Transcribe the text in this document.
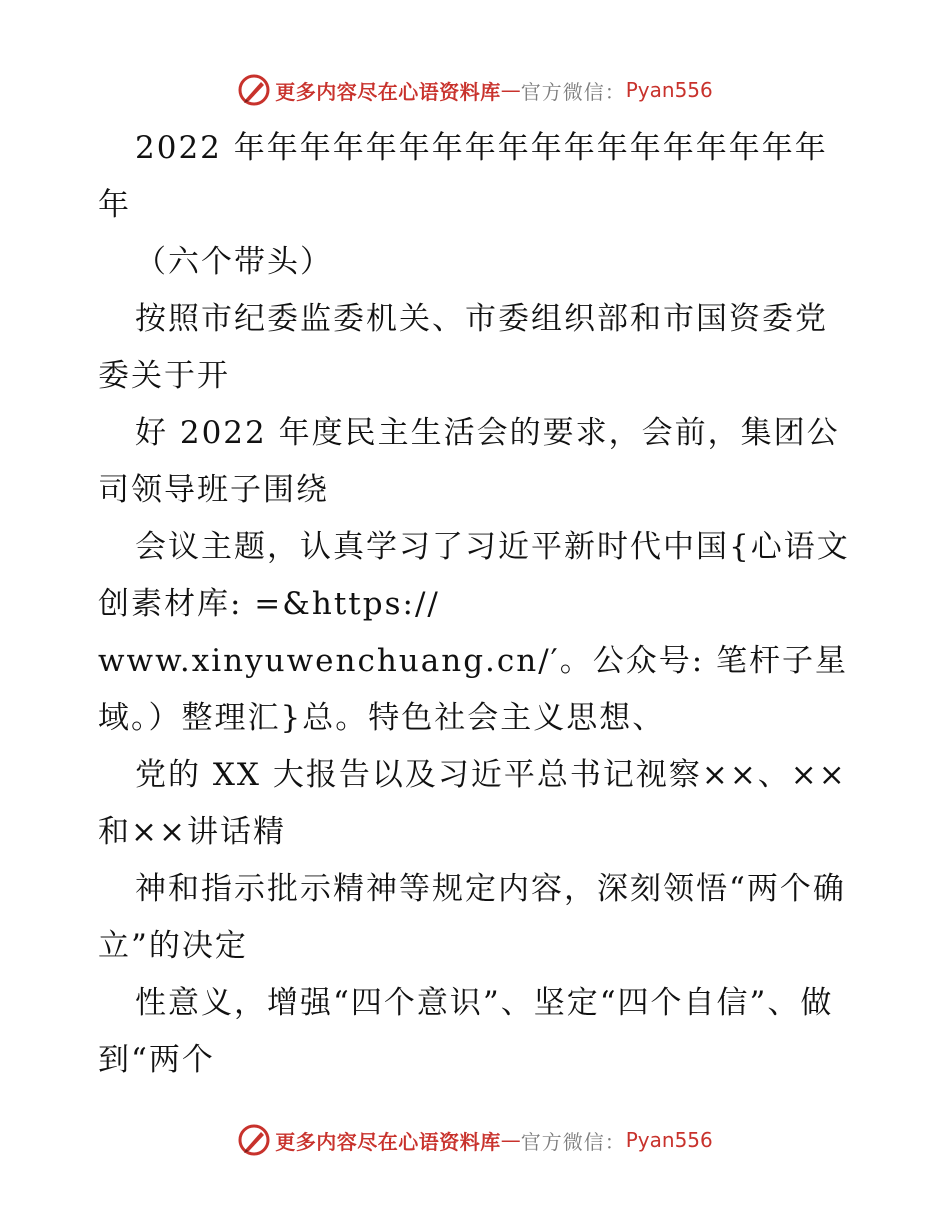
更多内容尽在心语资料库 — 官方微信： Pyan556

2022 年年年年年年年年年年年年年年年年年年年

（六个带头）

按照市纪委监委机关、市委组织部和市国资委党委关于开

好 2022 年度民主生活会的要求，会前，集团公司领导班子围绕

会议主题，认真学习了习近平新时代中国{心语文创素材库: =&https://

www.xinyuwenchuang.cn/′。公众号: 笔杆子星域。）整理汇}总。特色社会主义思想、

党的 XX 大报告以及习近平总书记视察××、××和××讲话精

神和指示批示精神等规定内容，深刻领悟“两个确立”的决定

性意义，增强“四个意识”、坚定“四个自信”、做到“两个

更多内容尽在心语资料库 — 官方微信： Pyan556
